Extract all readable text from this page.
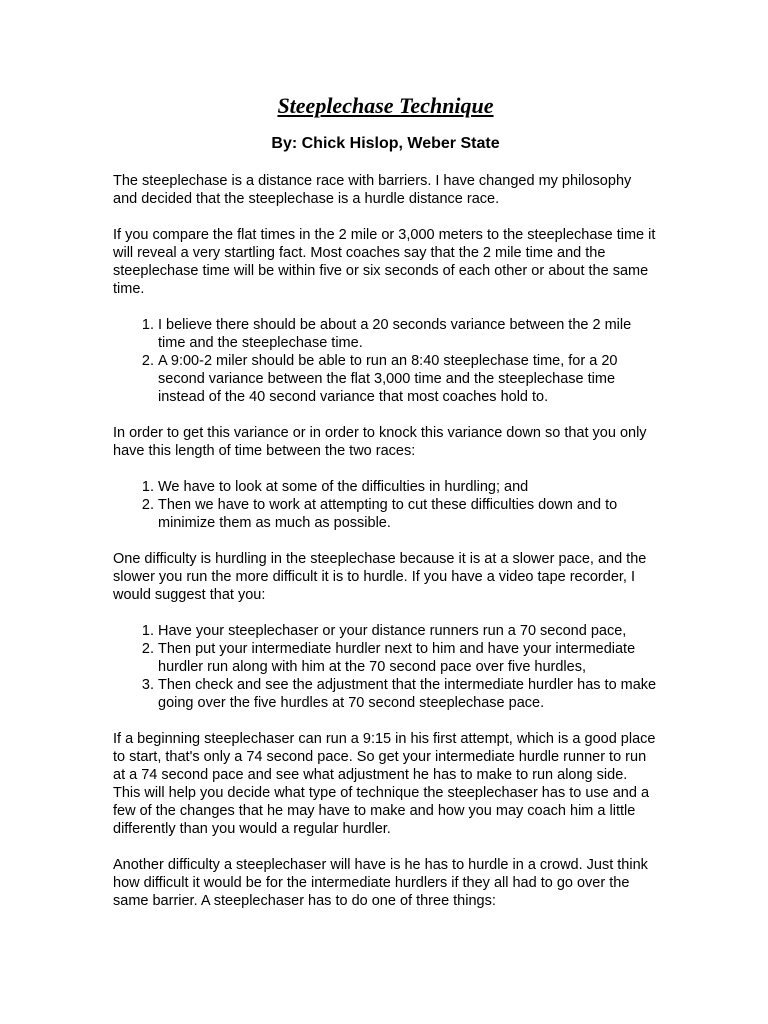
Steeplechase Technique
By: Chick Hislop, Weber State

The steeplechase is a distance race with barriers. I have changed my philosophy and decided that the steeplechase is a hurdle distance race.

If you compare the flat times in the 2 mile or 3,000 meters to the steeplechase time it will reveal a very startling fact. Most coaches say that the 2 mile time and the steeplechase time will be within five or six seconds of each other or about the same time.

1. I believe there should be about a 20 seconds variance between the 2 mile time and the steeplechase time.
2. A 9:00-2 miler should be able to run an 8:40 steeplechase time, for a 20 second variance between the flat 3,000 time and the steeplechase time instead of the 40 second variance that most coaches hold to.

In order to get this variance or in order to knock this variance down so that you only have this length of time between the two races:

1. We have to look at some of the difficulties in hurdling; and
2. Then we have to work at attempting to cut these difficulties down and to minimize them as much as possible.

One difficulty is hurdling in the steeplechase because it is at a slower pace, and the slower you run the more difficult it is to hurdle. If you have a video tape recorder, I would suggest that you:

1. Have your steeplechaser or your distance runners run a 70 second pace,
2. Then put your intermediate hurdler next to him and have your intermediate hurdler run along with him at the 70 second pace over five hurdles,
3. Then check and see the adjustment that the intermediate hurdler has to make going over the five hurdles at 70 second steeplechase pace.

If a beginning steeplechaser can run a 9:15 in his first attempt, which is a good place to start, that's only a 74 second pace. So get your intermediate hurdle runner to run at a 74 second pace and see what adjustment he has to make to run along side. This will help you decide what type of technique the steeplechaser has to use and a few of the changes that he may have to make and how you may coach him a little differently than you would a regular hurdler.

Another difficulty a steeplechaser will have is he has to hurdle in a crowd. Just think how difficult it would be for the intermediate hurdlers if they all had to go over the same barrier. A steeplechaser has to do one of three things:
